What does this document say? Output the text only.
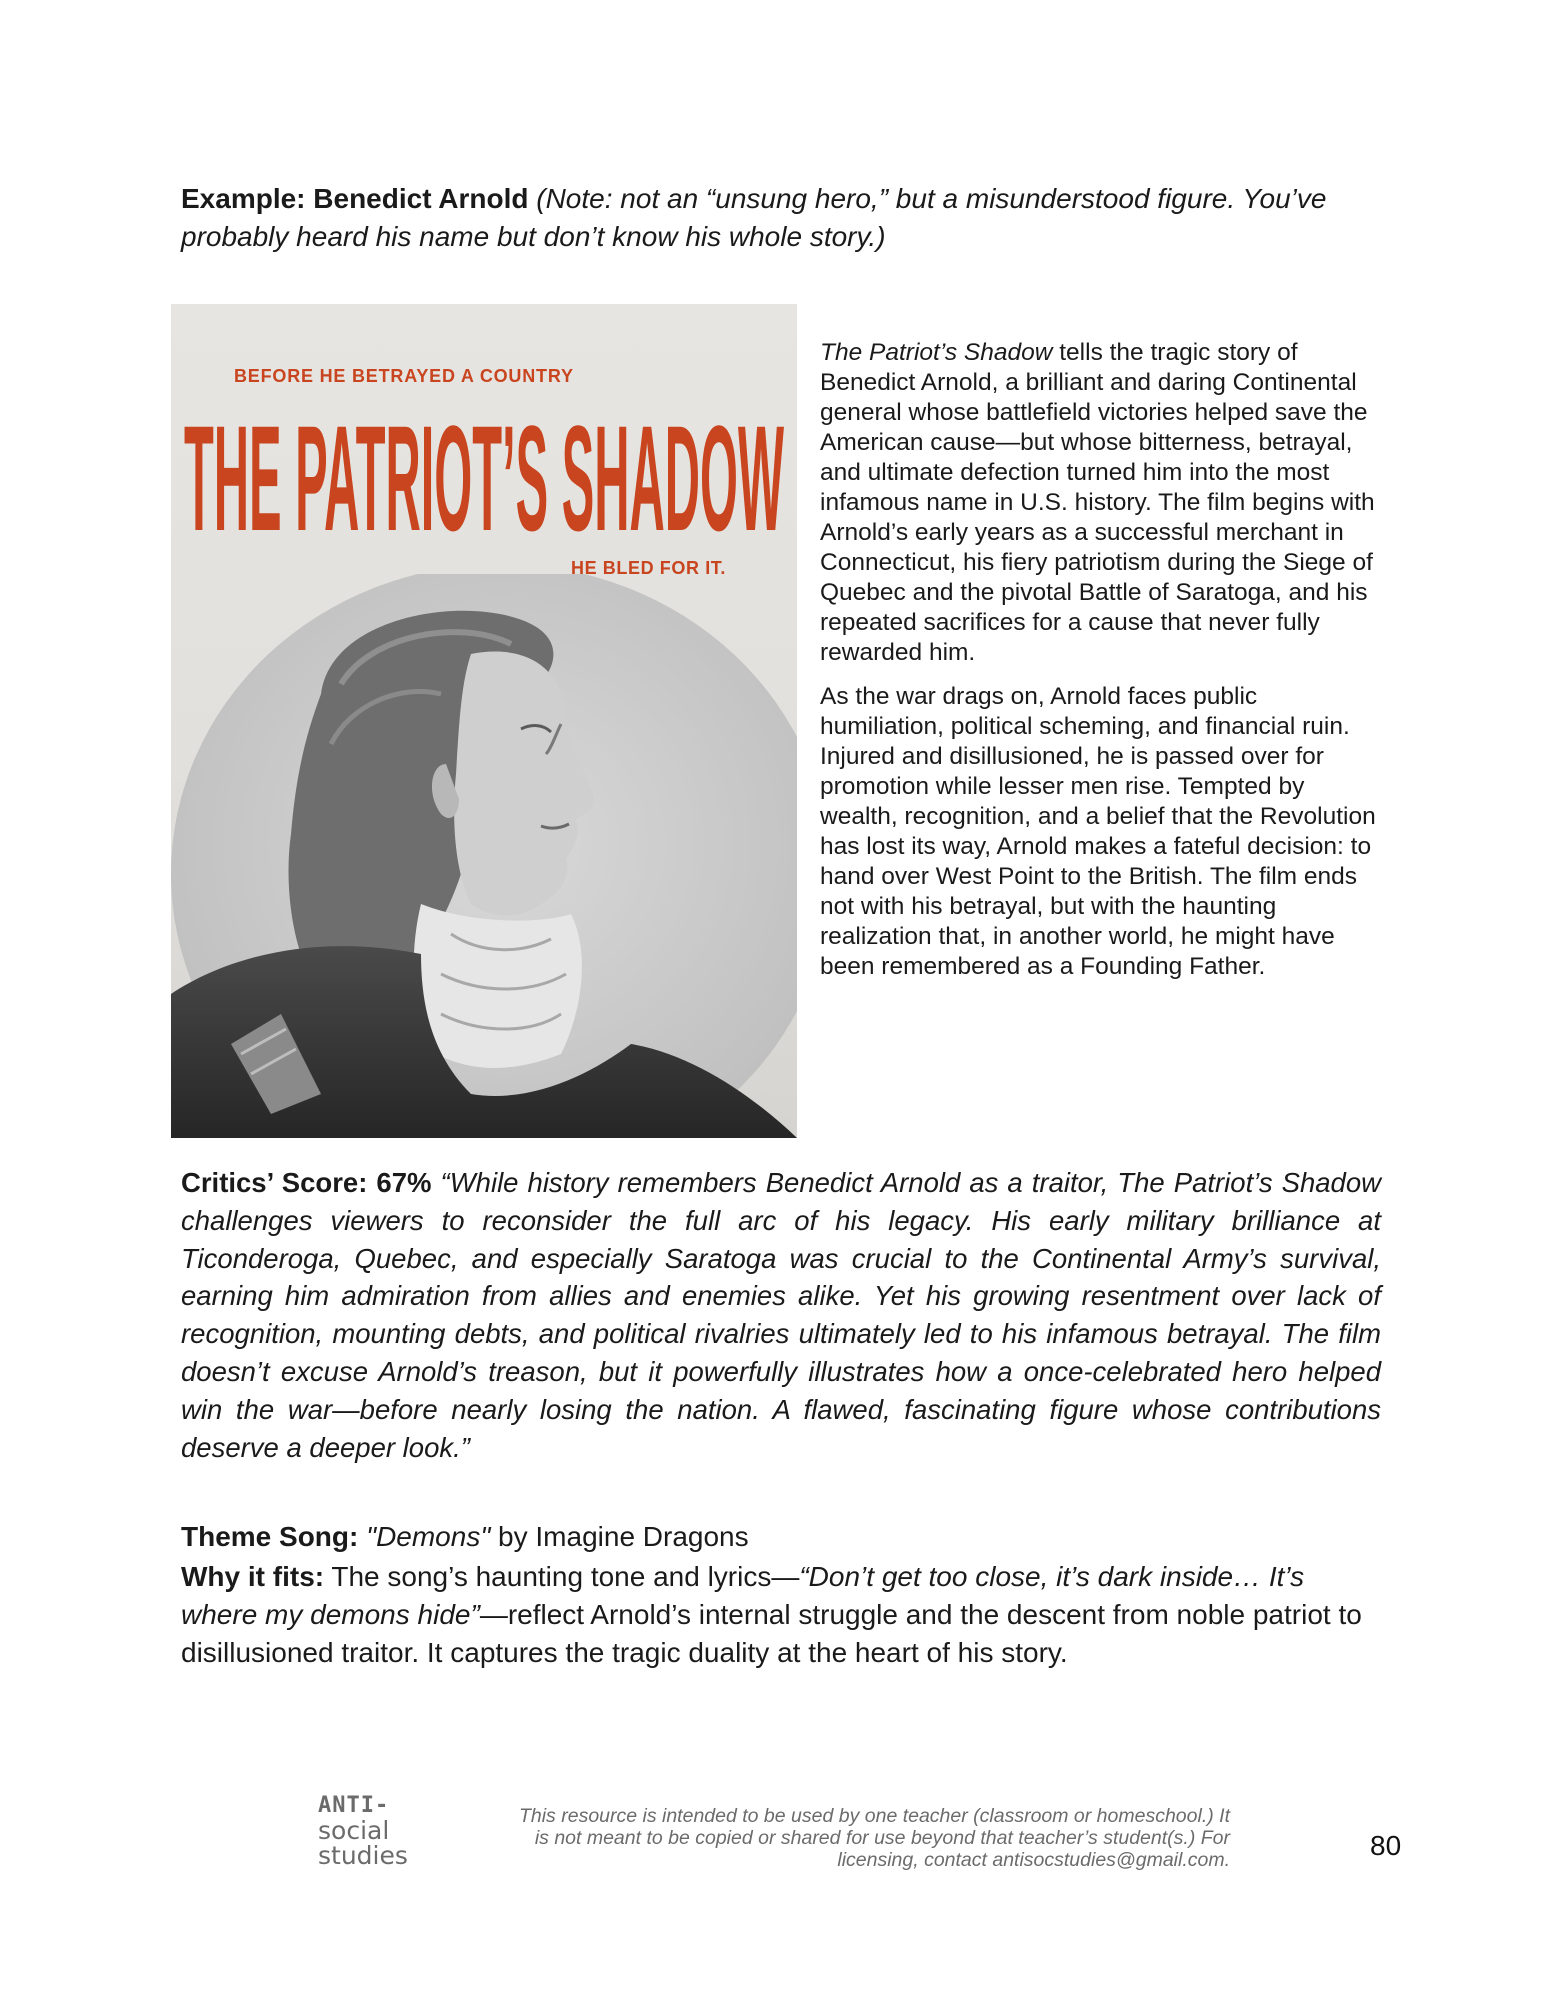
Example: Benedict Arnold (Note: not an “unsung hero,” but a misunderstood figure. You’ve probably heard his name but don’t know his whole story.)
BEFORE HE BETRAYED A COUNTRY
THE PATRIOT’S SHADOW
HE BLED FOR IT.

The Patriot’s Shadow tells the tragic story of Benedict Arnold, a brilliant and daring Continental general whose battlefield victories helped save the American cause—but whose bitterness, betrayal, and ultimate defection turned him into the most infamous name in U.S. history. The film begins with Arnold’s early years as a successful merchant in Connecticut, his fiery patriotism during the Siege of Quebec and the pivotal Battle of Saratoga, and his repeated sacrifices for a cause that never fully rewarded him.

As the war drags on, Arnold faces public humiliation, political scheming, and financial ruin. Injured and disillusioned, he is passed over for promotion while lesser men rise. Tempted by wealth, recognition, and a belief that the Revolution has lost its way, Arnold makes a fateful decision: to hand over West Point to the British. The film ends not with his betrayal, but with the haunting realization that, in another world, he might have been remembered as a Founding Father.

Critics’ Score: 67% “While history remembers Benedict Arnold as a traitor, The Patriot’s Shadow challenges viewers to reconsider the full arc of his legacy. His early military brilliance at Ticonderoga, Quebec, and especially Saratoga was crucial to the Continental Army’s survival, earning him admiration from allies and enemies alike. Yet his growing resentment over lack of recognition, mounting debts, and political rivalries ultimately led to his infamous betrayal. The film doesn’t excuse Arnold’s treason, but it powerfully illustrates how a once-celebrated hero helped win the war—before nearly losing the nation. A flawed, fascinating figure whose contributions deserve a deeper look.”
Theme Song: "Demons" by Imagine Dragons
Why it fits: The song’s haunting tone and lyrics—“Don’t get too close, it’s dark inside… It’s where my demons hide”—reflect Arnold’s internal struggle and the descent from noble patriot to disillusioned traitor. It captures the tragic duality at the heart of his story.
ANTI-
social
studies
This resource is intended to be used by one teacher (classroom or homeschool.) It is not meant to be copied or shared for use beyond that teacher’s student(s.) For licensing, contact antisocstudies@gmail.com.	80
